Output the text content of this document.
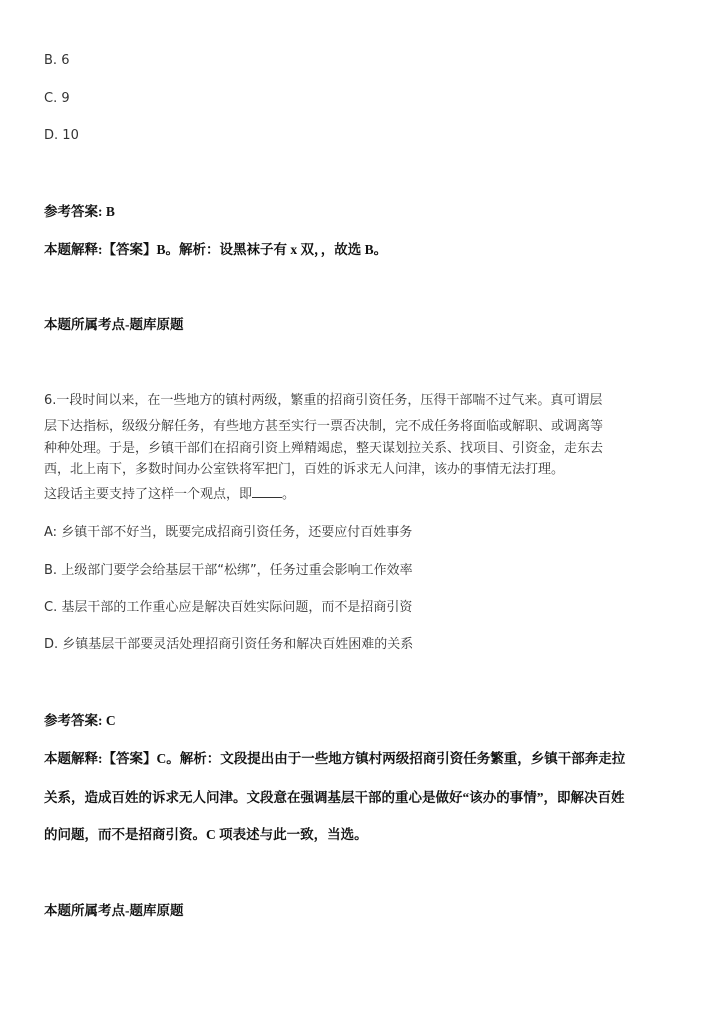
B. 6
C. 9
D. 10
参考答案: B
本题解释:【答案】B。解析：设黑袜子有 x 双，，故选 B。
本题所属考点-题库原题
6.一段时间以来，在一些地方的镇村两级，繁重的招商引资任务，压得干部喘不过气来。真可谓层
层下达指标，级级分解任务，有些地方甚至实行一票否决制，完不成任务将面临或解职、或调离等
种种处理。于是，乡镇干部们在招商引资上殚精竭虑，整天谋划拉关系、找项目、引资金，走东去
西，北上南下，多数时间办公室铁将军把门，百姓的诉求无人问津，该办的事情无法打理。
这段话主要支持了这样一个观点，即 。
A: 乡镇干部不好当，既要完成招商引资任务，还要应付百姓事务
B. 上级部门要学会给基层干部“松绑”，任务过重会影响工作效率
C. 基层干部的工作重心应是解决百姓实际问题，而不是招商引资
D. 乡镇基层干部要灵活处理招商引资任务和解决百姓困难的关系
参考答案: C
本题解释:【答案】C。解析：文段提出由于一些地方镇村两级招商引资任务繁重，乡镇干部奔走拉
关系，造成百姓的诉求无人问津。文段意在强调基层干部的重心是做好“该办的事情”，即解决百姓
的问题，而不是招商引资。C 项表述与此一致，当选。
本题所属考点-题库原题
